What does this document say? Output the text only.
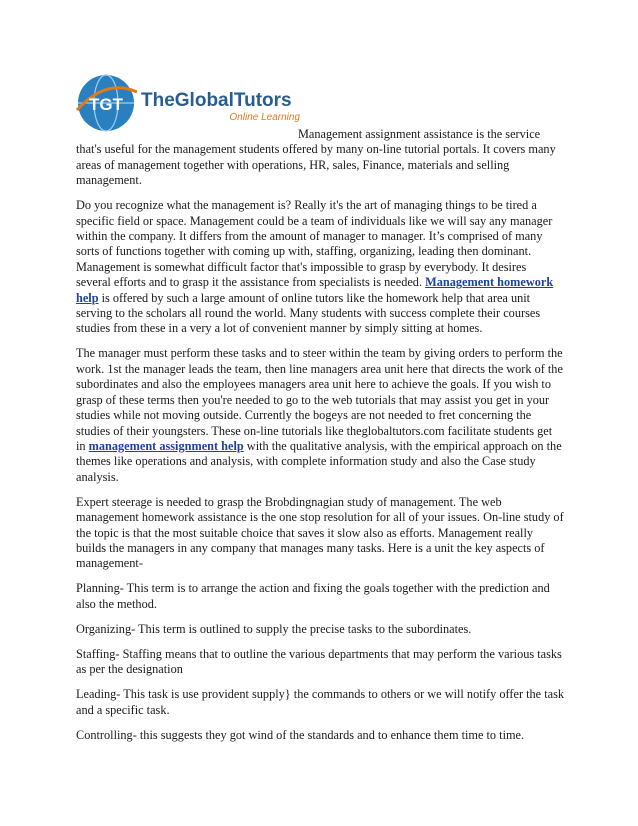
TGT TheGlobalTutors
Online Learning

Management assignment assistance is the service that's useful for the management students offered by many on-line tutorial portals. It covers many areas of management together with operations, HR, sales, Finance, materials and selling management.

Do you recognize what the management is? Really it's the art of managing things to be tired a specific field or space. Management could be a team of individuals like we will say any manager within the company. It differs from the amount of manager to manager. It’s comprised of many sorts of functions together with coming up with, staffing, organizing, leading then dominant. Management is somewhat difficult factor that's impossible to grasp by everybody. It desires several efforts and to grasp it the assistance from specialists is needed. Management homework help is offered by such a large amount of online tutors like the homework help that area unit serving to the scholars all round the world. Many students with success complete their courses studies from these in a very a lot of convenient manner by simply sitting at homes.

The manager must perform these tasks and to steer within the team by giving orders to perform the work. 1st the manager leads the team, then line managers area unit here that directs the work of the subordinates and also the employees managers area unit here to achieve the goals. If you wish to grasp of these terms then you're needed to go to the web tutorials that may assist you get in your studies while not moving outside. Currently the bogeys are not needed to fret concerning the studies of their youngsters. These on-line tutorials like theglobaltutors.com facilitate students get in management assignment help with the qualitative analysis, with the empirical approach on the themes like operations and analysis, with complete information study and also the Case study analysis.

Expert steerage is needed to grasp the Brobdingnagian study of management. The web management homework assistance is the one stop resolution for all of your issues. On-line study of the topic is that the most suitable choice that saves it slow also as efforts. Management really builds the managers in any company that manages many tasks. Here is a unit the key aspects of management-

Planning- This term is to arrange the action and fixing the goals together with the prediction and also the method.

Organizing- This term is outlined to supply the precise tasks to the subordinates.

Staffing- Staffing means that to outline the various departments that may perform the various tasks as per the designation

Leading- This task is use provident supply} the commands to others or we will notify offer the task and a specific task.

Controlling- this suggests they got wind of the standards and to enhance them time to time.
